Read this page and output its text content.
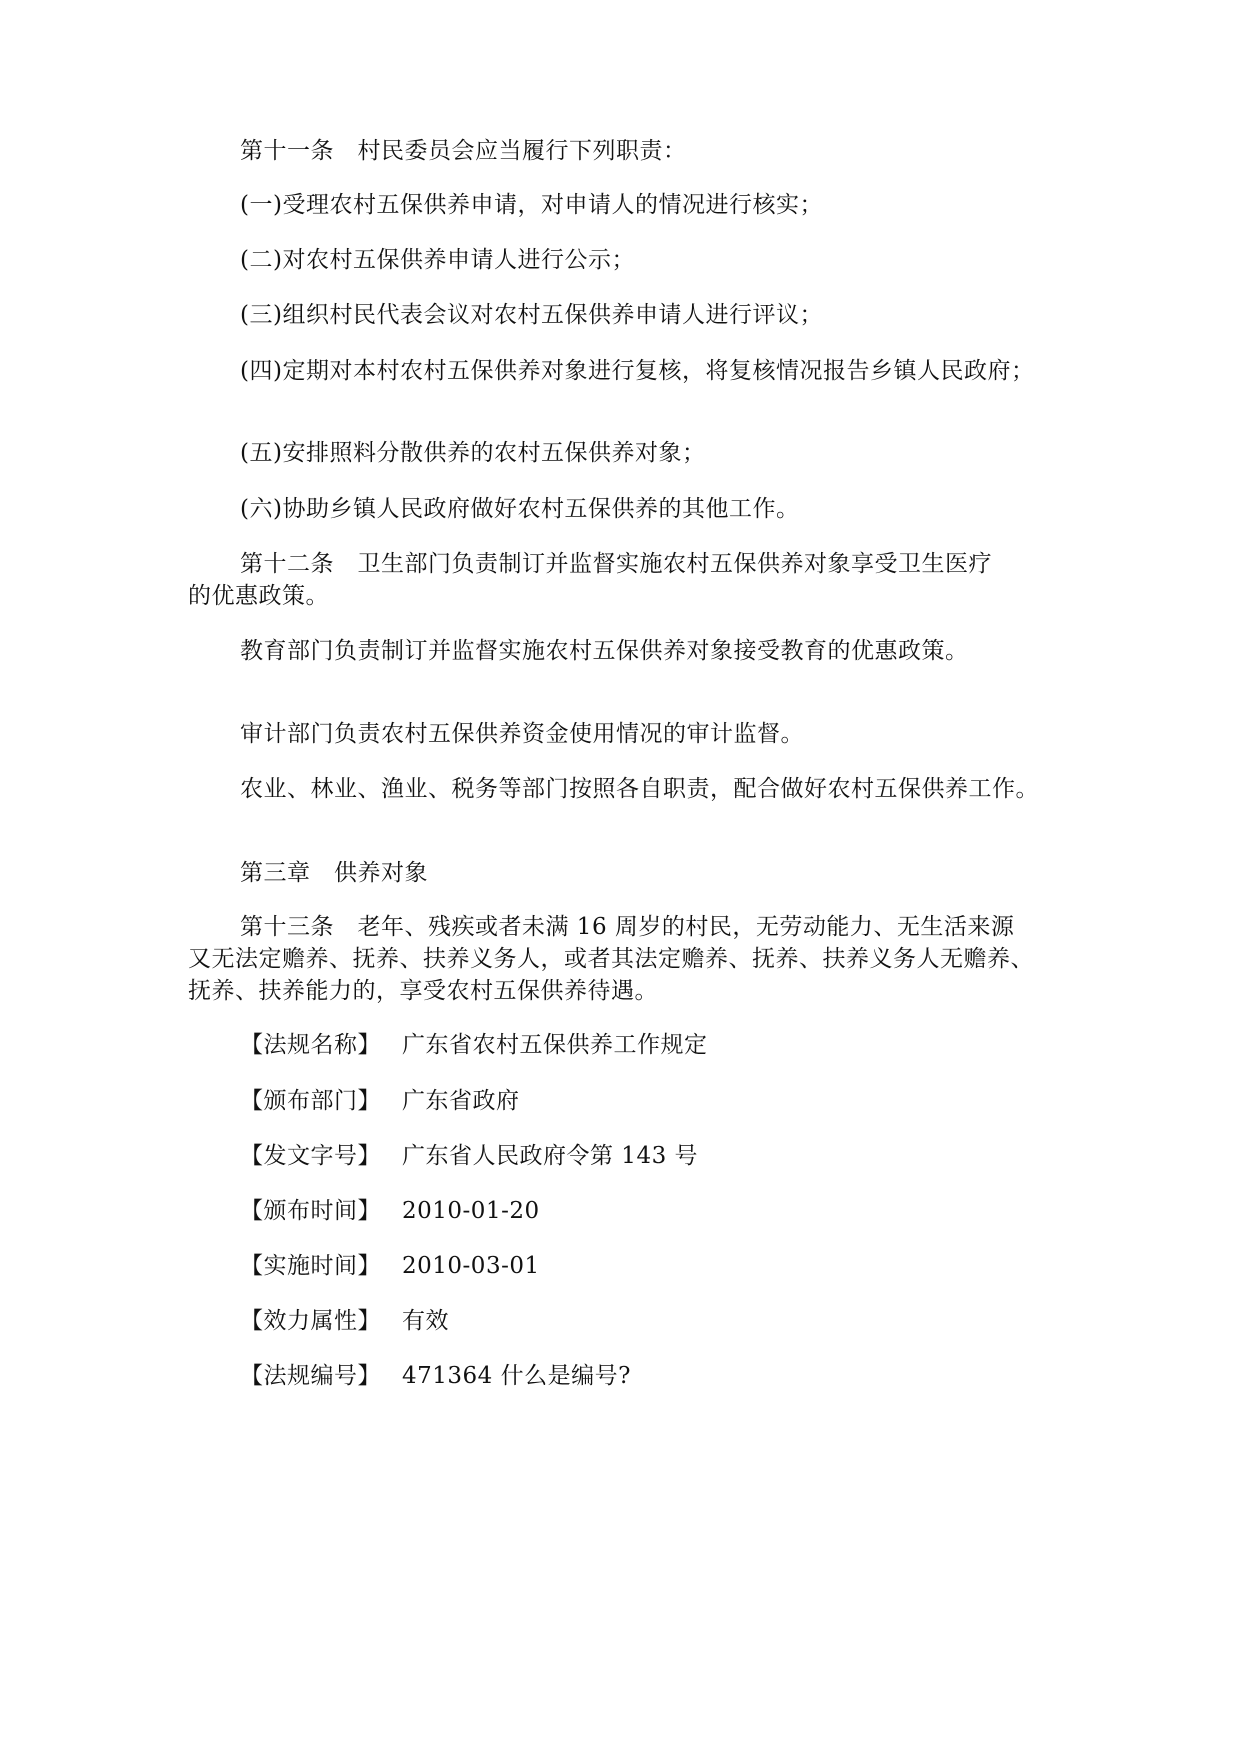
第十一条　村民委员会应当履行下列职责：
(一)受理农村五保供养申请，对申请人的情况进行核实；
(二)对农村五保供养申请人进行公示；
(三)组织村民代表会议对农村五保供养申请人进行评议；
(四)定期对本村农村五保供养对象进行复核，将复核情况报告乡镇人民政府；
(五)安排照料分散供养的农村五保供养对象；
(六)协助乡镇人民政府做好农村五保供养的其他工作。
第十二条　卫生部门负责制订并监督实施农村五保供养对象享受卫生医疗
的优惠政策。
教育部门负责制订并监督实施农村五保供养对象接受教育的优惠政策。
审计部门负责农村五保供养资金使用情况的审计监督。
农业、林业、渔业、税务等部门按照各自职责，配合做好农村五保供养工作。
第三章　供养对象
第十三条　老年、残疾或者未满 16 周岁的村民，无劳动能力、无生活来源
又无法定赡养、抚养、扶养义务人，或者其法定赡养、抚养、扶养义务人无赡养、
抚养、扶养能力的，享受农村五保供养待遇。
【法规名称】 广东省农村五保供养工作规定
【颁布部门】 广东省政府
【发文字号】 广东省人民政府令第 143 号
【颁布时间】 2010-01-20
【实施时间】 2010-03-01
【效力属性】 有效
【法规编号】 471364 什么是编号?
